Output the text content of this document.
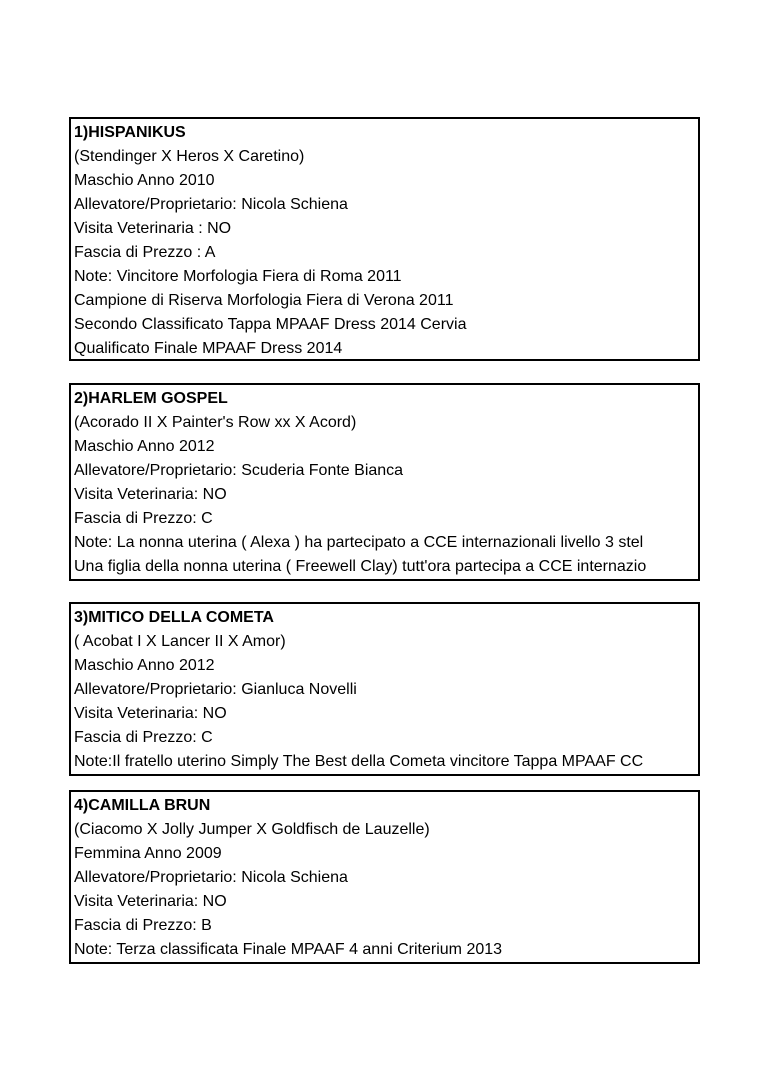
1)HISPANIKUS
(Stendinger X Heros X Caretino)
Maschio Anno 2010
Allevatore/Proprietario: Nicola Schiena
Visita Veterinaria : NO
Fascia di Prezzo : A
Note: Vincitore Morfologia Fiera di Roma 2011
Campione di Riserva Morfologia Fiera di Verona 2011
Secondo Classificato Tappa MPAAF Dress 2014 Cervia
Qualificato Finale MPAAF Dress 2014
2)HARLEM GOSPEL
(Acorado II X Painter's Row xx X Acord)
Maschio Anno 2012
Allevatore/Proprietario: Scuderia Fonte Bianca
Visita Veterinaria: NO
Fascia di Prezzo: C
Note: La nonna uterina ( Alexa ) ha partecipato a CCE internazionali livello 3 stel
Una figlia della nonna uterina ( Freewell Clay) tutt'ora partecipa a CCE internazio
3)MITICO DELLA COMETA
( Acobat I X Lancer II X Amor)
Maschio Anno 2012
Allevatore/Proprietario: Gianluca Novelli
Visita Veterinaria: NO
Fascia di Prezzo: C
Note:Il fratello uterino Simply The Best della Cometa vincitore Tappa MPAAF CC
4)CAMILLA BRUN
(Ciacomo X Jolly Jumper X Goldfisch de Lauzelle)
Femmina Anno 2009
Allevatore/Proprietario: Nicola Schiena
Visita Veterinaria: NO
Fascia di Prezzo: B
Note: Terza classificata Finale MPAAF 4 anni Criterium 2013
